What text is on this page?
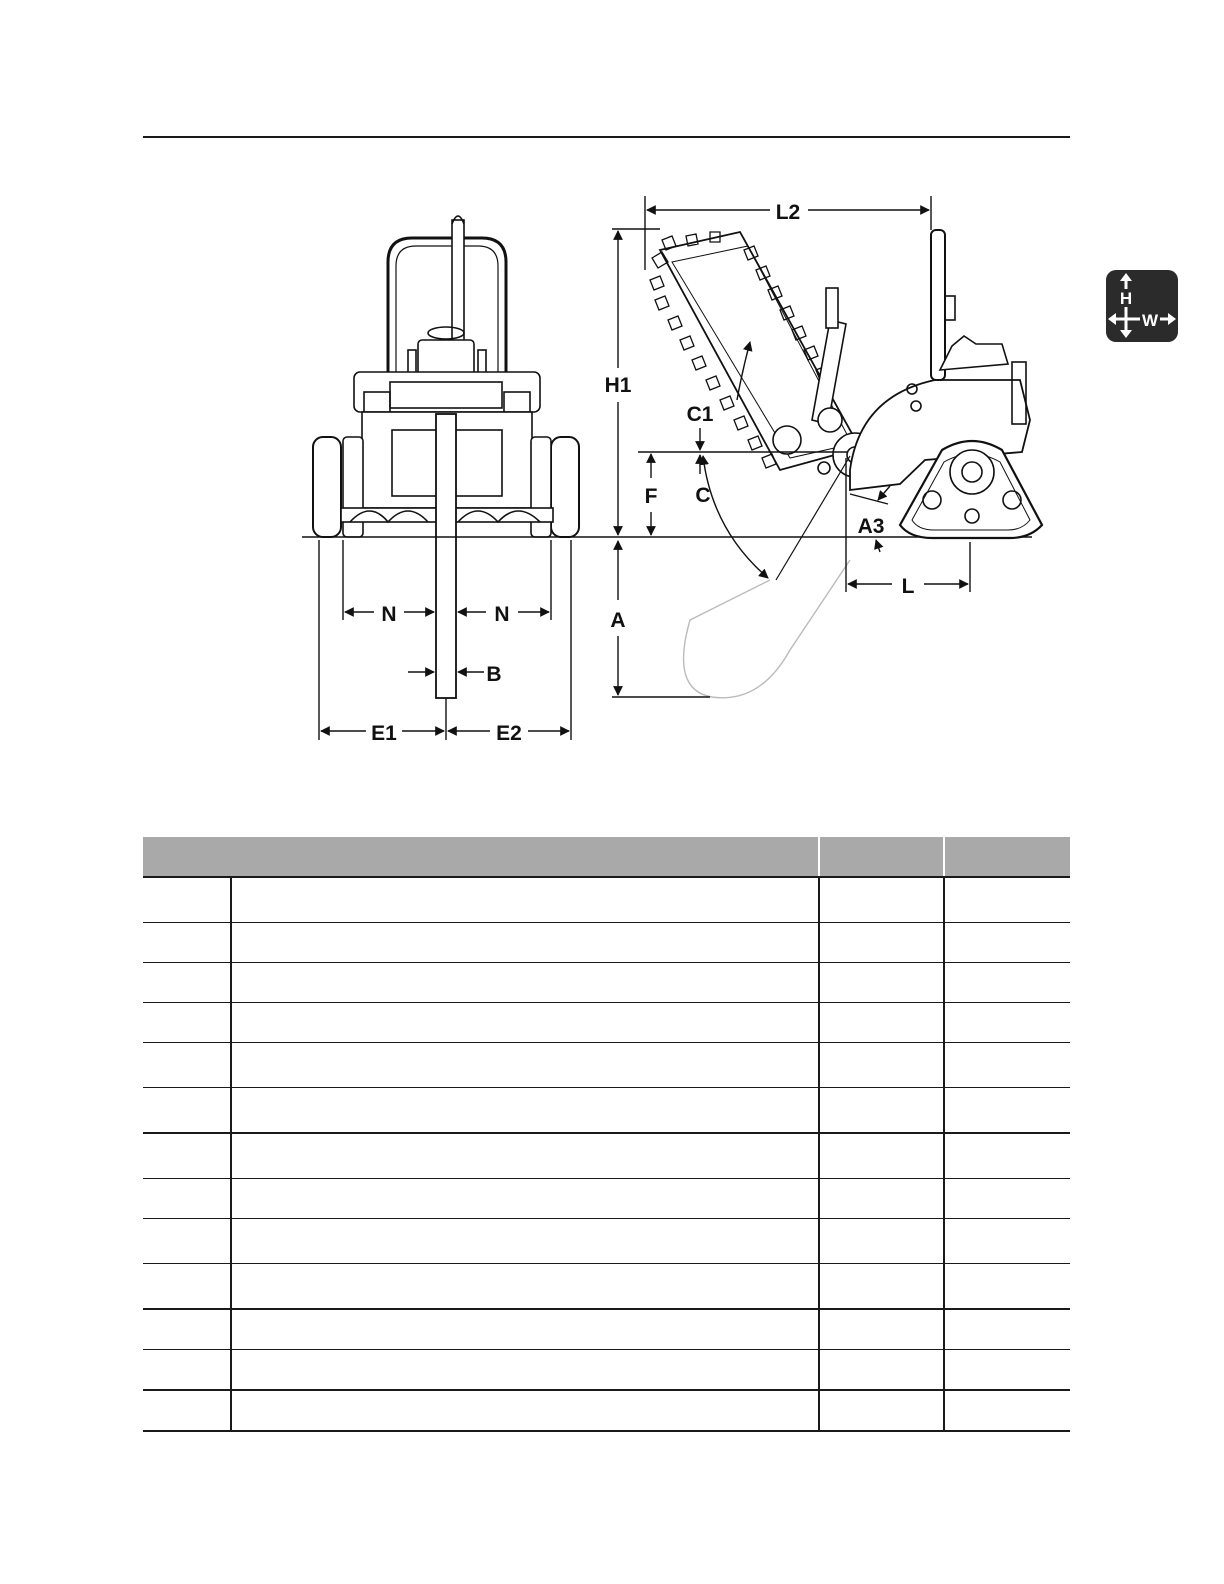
H
W
L2
H1
C1
F C
A3
L
A
N	N
B
E1	E2
